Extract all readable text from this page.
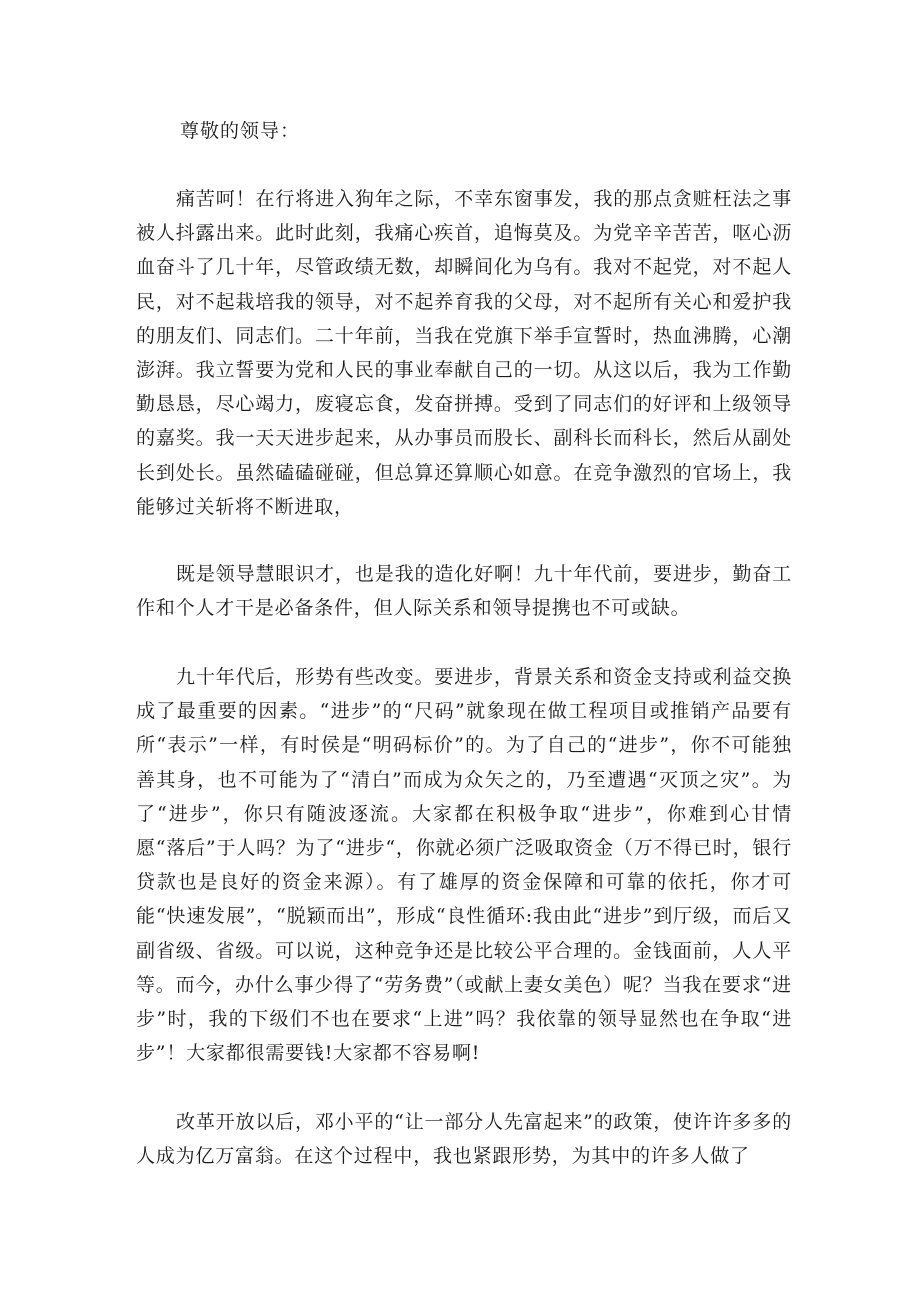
尊敬的领导：

痛苦呵！在行将进入狗年之际，不幸东窗事发，我的那点贪赃枉法之事被人抖露出来。此时此刻，我痛心疾首，追悔莫及。为党辛辛苦苦，呕心沥血奋斗了几十年，尽管政绩无数，却瞬间化为乌有。我对不起党，对不起人民，对不起栽培我的领导，对不起养育我的父母，对不起所有关心和爱护我的朋友们、同志们。二十年前，当我在党旗下举手宣誓时，热血沸腾，心潮澎湃。我立誓要为党和人民的事业奉献自己的一切。从这以后，我为工作勤勤恳恳，尽心竭力，废寝忘食，发奋拼搏。受到了同志们的好评和上级领导的嘉奖。我一天天进步起来，从办事员而股长、副科长而科长，然后从副处长到处长。虽然磕磕碰碰，但总算还算顺心如意。在竞争激烈的官场上，我能够过关斩将不断进取，

既是领导慧眼识才，也是我的造化好啊！九十年代前，要进步，勤奋工作和个人才干是必备条件，但人际关系和领导提携也不可或缺。

九十年代后，形势有些改变。要进步，背景关系和资金支持或利益交换成了最重要的因素。“进步”的“尺码”就象现在做工程项目或推销产品要有所“表示”一样，有时侯是“明码标价”的。为了自己的“进步”，你不可能独善其身，也不可能为了“清白”而成为众矢之的，乃至遭遇“灭顶之灾”。为了“进步”，你只有随波逐流。大家都在积极争取“进步”，你难到心甘情愿“落后”于人吗？为了“进步“，你就必须广泛吸取资金（万不得已时，银行贷款也是良好的资金来源）。有了雄厚的资金保障和可靠的依托，你才可能“快速发展”，“脱颖而出”，形成“良性循环:我由此“进步”到厅级，而后又副省级、省级。可以说，这种竞争还是比较公平合理的。金钱面前，人人平等。而今，办什么事少得了“劳务费”（或献上妻女美色）呢？当我在要求“进步”时，我的下级们不也在要求“上进”吗？我依靠的领导显然也在争取“进步”！大家都很需要钱!大家都不容易啊!

改革开放以后，邓小平的“让一部分人先富起来”的政策，使许许多多的人成为亿万富翁。在这个过程中，我也紧跟形势，为其中的许多人做了
